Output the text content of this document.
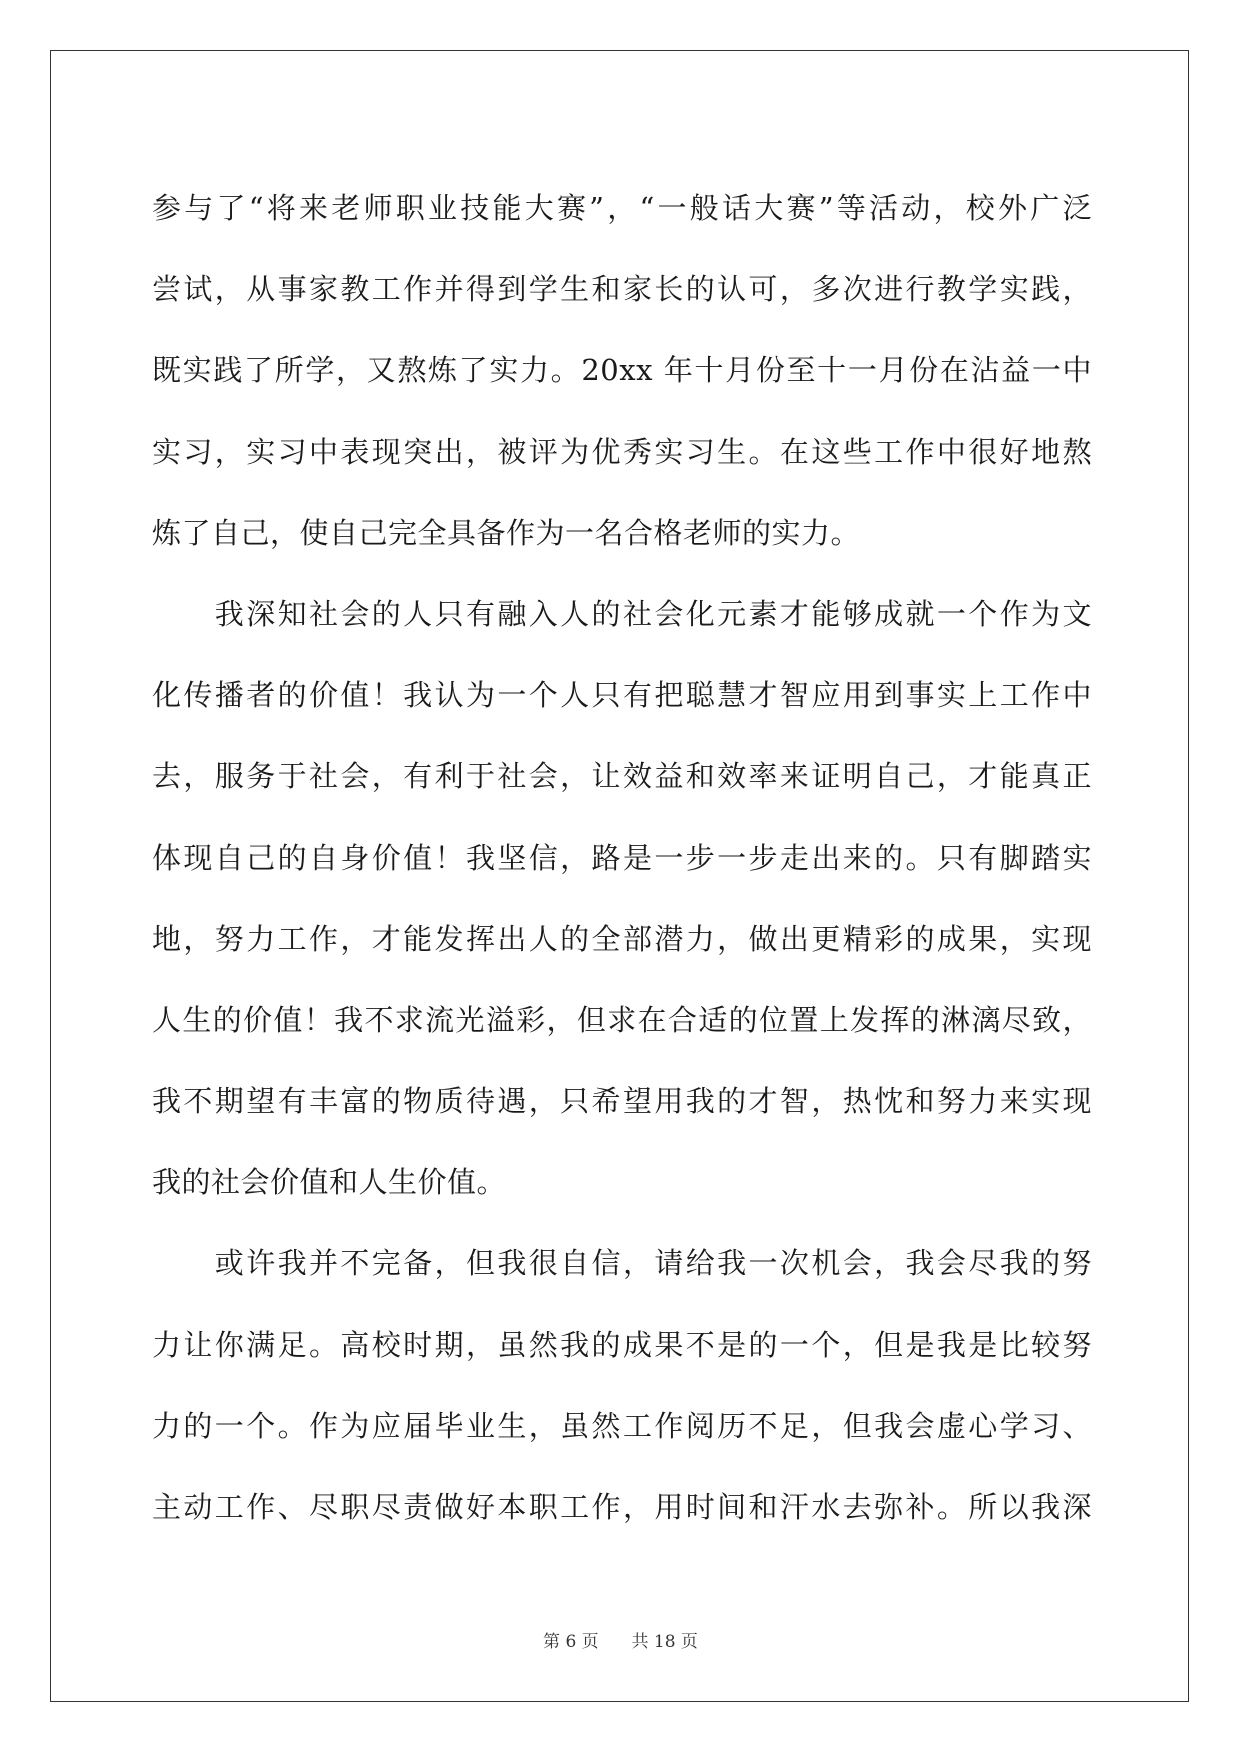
参与了“将来老师职业技能大赛”，“一般话大赛”等活动，校外广泛
尝试，从事家教工作并得到学生和家长的认可，多次进行教学实践，
既实践了所学，又熬炼了实力。20xx 年十月份至十一月份在沾益一中
实习，实习中表现突出，被评为优秀实习生。在这些工作中很好地熬
炼了自己，使自己完全具备作为一名合格老师的实力。
　　我深知社会的人只有融入人的社会化元素才能够成就一个作为文
化传播者的价值！我认为一个人只有把聪慧才智应用到事实上工作中
去，服务于社会，有利于社会，让效益和效率来证明自己，才能真正
体现自己的自身价值！我坚信，路是一步一步走出来的。只有脚踏实
地，努力工作，才能发挥出人的全部潜力，做出更精彩的成果，实现
人生的价值！我不求流光溢彩，但求在合适的位置上发挥的淋漓尽致，
我不期望有丰富的物质待遇，只希望用我的才智，热忱和努力来实现
我的社会价值和人生价值。
　　或许我并不完备，但我很自信，请给我一次机会，我会尽我的努
力让你满足。高校时期，虽然我的成果不是的一个，但是我是比较努
力的一个。作为应届毕业生，虽然工作阅历不足，但我会虚心学习、
主动工作、尽职尽责做好本职工作，用时间和汗水去弥补。所以我深
第 6 页 共 18 页
